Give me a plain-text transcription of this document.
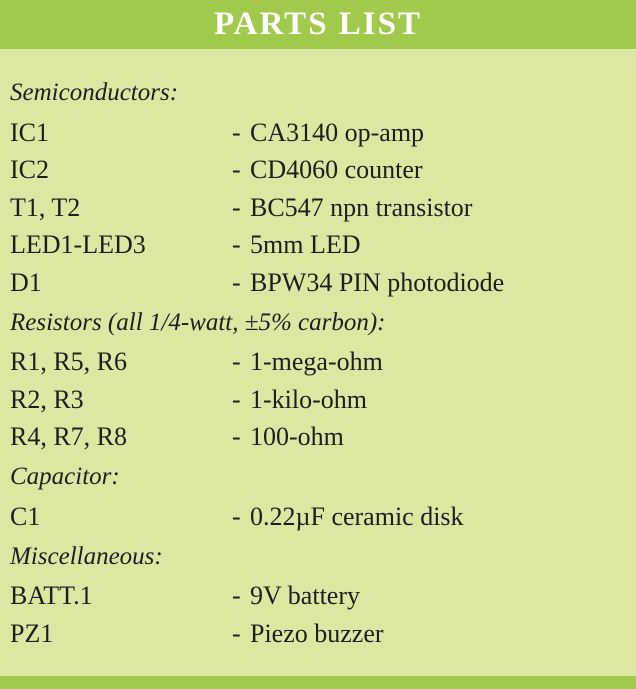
PARTS LIST
Semiconductors:
IC1	- CA3140 op-amp
IC2	- CD4060 counter
T1, T2	- BC547 npn transistor
LED1-LED3	- 5mm LED
D1	- BPW34 PIN photodiode
Resistors (all 1/4-watt, ±5% carbon):
R1, R5, R6	- 1-mega-ohm
R2, R3	- 1-kilo-ohm
R4, R7, R8	- 100-ohm
Capacitor:
C1	- 0.22µF ceramic disk
Miscellaneous:
BATT.1	- 9V battery
PZ1	- Piezo buzzer
